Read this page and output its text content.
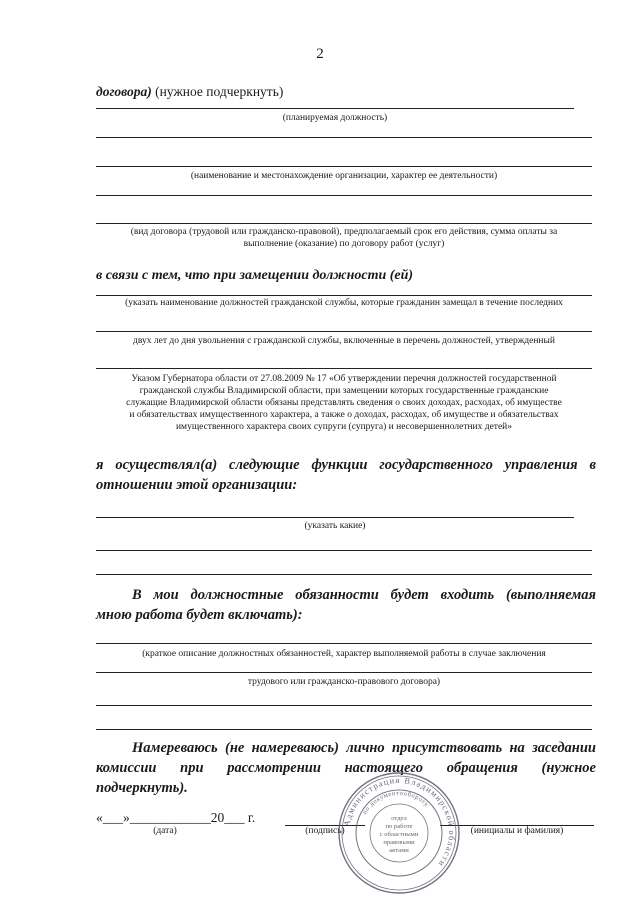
2
договора) (нужное подчеркнуть)
(планируемая должность)
(наименование и местонахождение организации, характер ее деятельности)
(вид договора (трудовой или гражданско-правовой), предполагаемый срок его действия, сумма оплаты за
выполнение (оказание) по договору работ (услуг)
в связи с тем, что при замещении должности (ей)
(указать наименование должностей гражданской службы, которые гражданин замещал в течение последних
двух лет до дня увольнения с гражданской службы, включенные в перечень должностей, утвержденный
Указом Губернатора области от 27.08.2009 № 17 «Об утверждении перечня должностей государственной
гражданской службы Владимирской области, при замещении которых государственные гражданские
служащие Владимирской области обязаны представлять сведения о своих доходах, расходах, об имуществе
и обязательствах имущественного характера, а также о доходах, расходах, об имуществе и обязательствах
имущественного характера своих супруги (супруга) и несовершеннолетних детей»
я осуществлял(а) следующие функции государственного управления в
отношении этой организации:
(указать какие)
В мои должностные обязанности будет входить (выполняемая
мною работа будет включать):
(краткое описание должностных обязанностей, характер выполняемой работы в случае заключения
трудового или гражданско-правового договора)
Намереваюсь (не намереваюсь) лично присутствовать на заседании
комиссии при рассмотрении настоящего обращения (нужное
подчеркнуть).
«___»____________20___ г.
(дата)	(подпись)	(инициалы и фамилия)
Администрация Владимирской области
по документообороту
отдел
по работе
с областными
правовыми
актами
